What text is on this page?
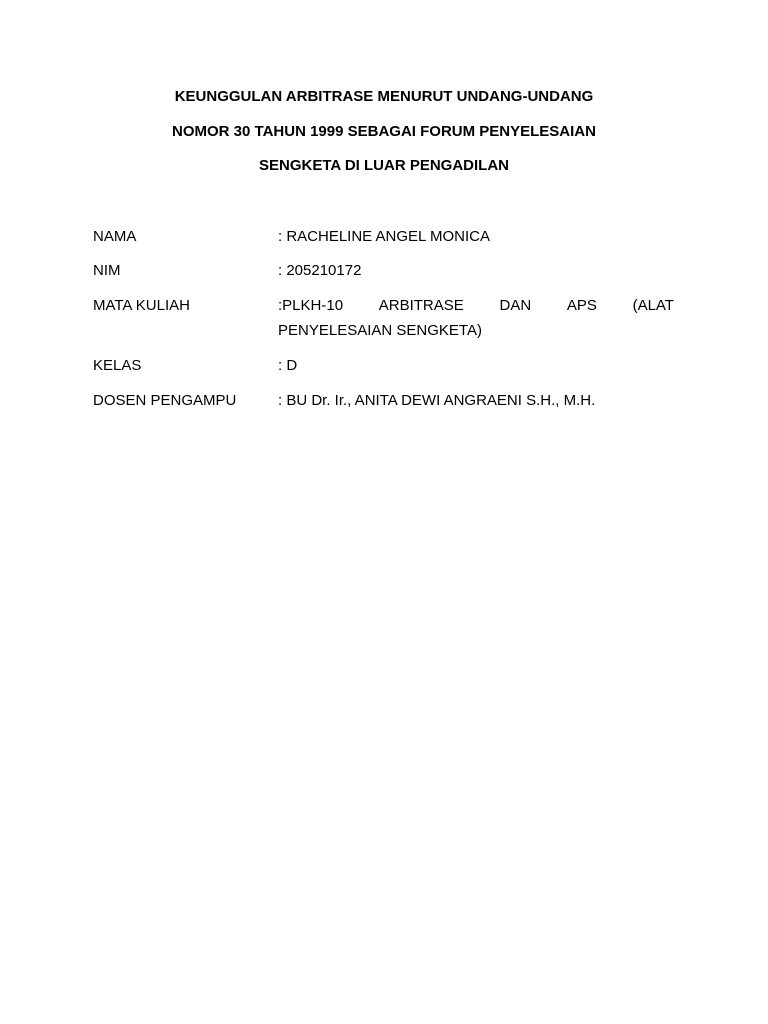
KEUNGGULAN ARBITRASE MENURUT UNDANG-UNDANG
NOMOR 30 TAHUN 1999 SEBAGAI FORUM PENYELESAIAN
SENGKETA DI LUAR PENGADILAN
NAMA	: RACHELINE ANGEL MONICA
NIM	: 205210172
MATA KULIAH	:PLKH-10 ARBITRASE DAN APS (ALAT
PENYELESAIAN SENGKETA)
KELAS	: D
DOSEN PENGAMPU	: BU Dr. Ir., ANITA DEWI ANGRAENI S.H., M.H.
